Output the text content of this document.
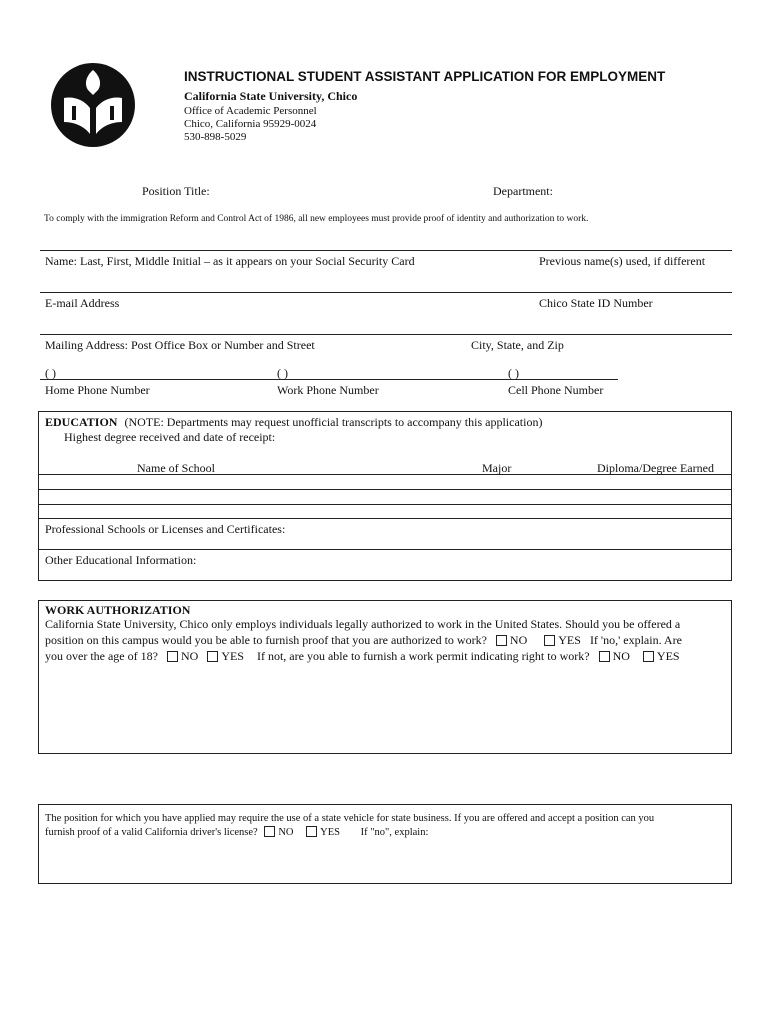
INSTRUCTIONAL STUDENT ASSISTANT APPLICATION FOR EMPLOYMENT
California State University, Chico
Office of Academic Personnel
Chico, California 95929-0024
530-898-5029
Position Title:	Department:
To comply with the immigration Reform and Control Act of 1986, all new employees must provide proof of identity and authorization to work.
Name: Last, First, Middle Initial – as it appears on your Social Security Card	Previous name(s) used, if different
E-mail Address	Chico State ID Number
Mailing Address: Post Office Box or Number and Street	City, State, and Zip
( )	( )	( )
Home Phone Number	Work Phone Number	Cell Phone Number
EDUCATION (NOTE: Departments may request unofficial transcripts to accompany this application)
Highest degree received and date of receipt:
Name of School	Major	Diploma/Degree Earned
Professional Schools or Licenses and Certificates:
Other Educational Information:
WORK AUTHORIZATION
California State University, Chico only employs individuals legally authorized to work in the United States. Should you be offered a
position on this campus would you be able to furnish proof that you are authorized to work? NO	YES If 'no,' explain. Are
you over the age of 18? NO YES If not, are you able to furnish a work permit indicating right to work? NO YES
The position for which you have applied may require the use of a state vehicle for state business. If you are offered and accept a position can you
furnish proof of a valid California driver's license? NO	YES If "no", explain:
